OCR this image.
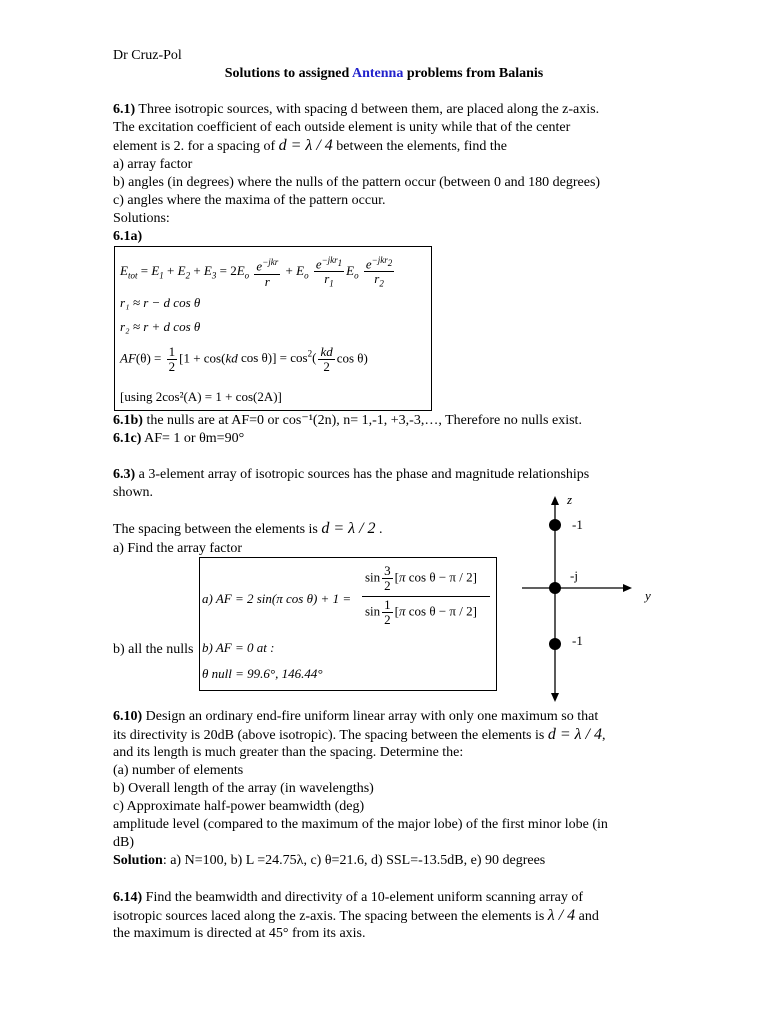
Dr Cruz-Pol
Solutions to assigned Antenna problems from Balanis
6.1) Three isotropic sources, with spacing d between them, are placed along the z-axis.
The excitation coefficient of each outside element is unity while that of the center
element is 2. for a spacing of d = λ / 4 between the elements, find the
a) array factor
b) angles (in degrees) where the nulls of the pattern occur (between 0 and 180 degrees)
c) angles where the maxima of the pattern occur.
Solutions:
6.1a)
$E_{tot} = E_1 + E_2 + E_3 = 2E_o \frac{e^{-jkr}}{r} + E_o \frac{e^{-jkr_1}}{r_1} E_o \frac{e^{-jkr_2}}{r_2}$
r₁ ≈ r − d cos θ
r₂ ≈ r + d cos θ
$AF(\theta) = \frac{1}{2} [1 + \cos(kd$ $\cos \theta)] = \cos^2( \frac{kd}{2}$ cos θ)
[using 2cos²(A) = 1 + cos(2A)]
6.1b) the nulls are at AF=0 or cos⁻¹(2n), n= 1,-1, +3,-3,…, Therefore no nulls exist.
6.1c) AF= 1 or θm=90°
6.3) a 3-element array of isotropic sources has the phase and magnitude relationships
shown.
The spacing between the elements is d = λ / 2 .
a) Find the array factor
b) all the nulls
a) AF = 2 sin(π cos θ) + 1 =
$\sin \frac{3}{2} [\pi$ cos θ − π / 2]
$\sin \frac{1}{2} [\pi$ cos θ − π / 2]
b) AF = 0 at :
θ null = 99.6°, 146.44°
z
y
-1
-j
-1
6.10) Design an ordinary end-fire uniform linear array with only one maximum so that
its directivity is 20dB (above isotropic). The spacing between the elements is d = λ / 4,
and its length is much greater than the spacing. Determine the:
(a) number of elements
b) Overall length of the array (in wavelengths)
c) Approximate half-power beamwidth (deg)
amplitude level (compared to the maximum of the major lobe) of the first minor lobe (in
dB)
Solution: a) N=100, b) L =24.75λ, c) θ=21.6, d) SSL=-13.5dB, e) 90 degrees
6.14) Find the beamwidth and directivity of a 10-element uniform scanning array of
isotropic sources laced along the z-axis. The spacing between the elements is λ / 4 and
the maximum is directed at 45° from its axis.
